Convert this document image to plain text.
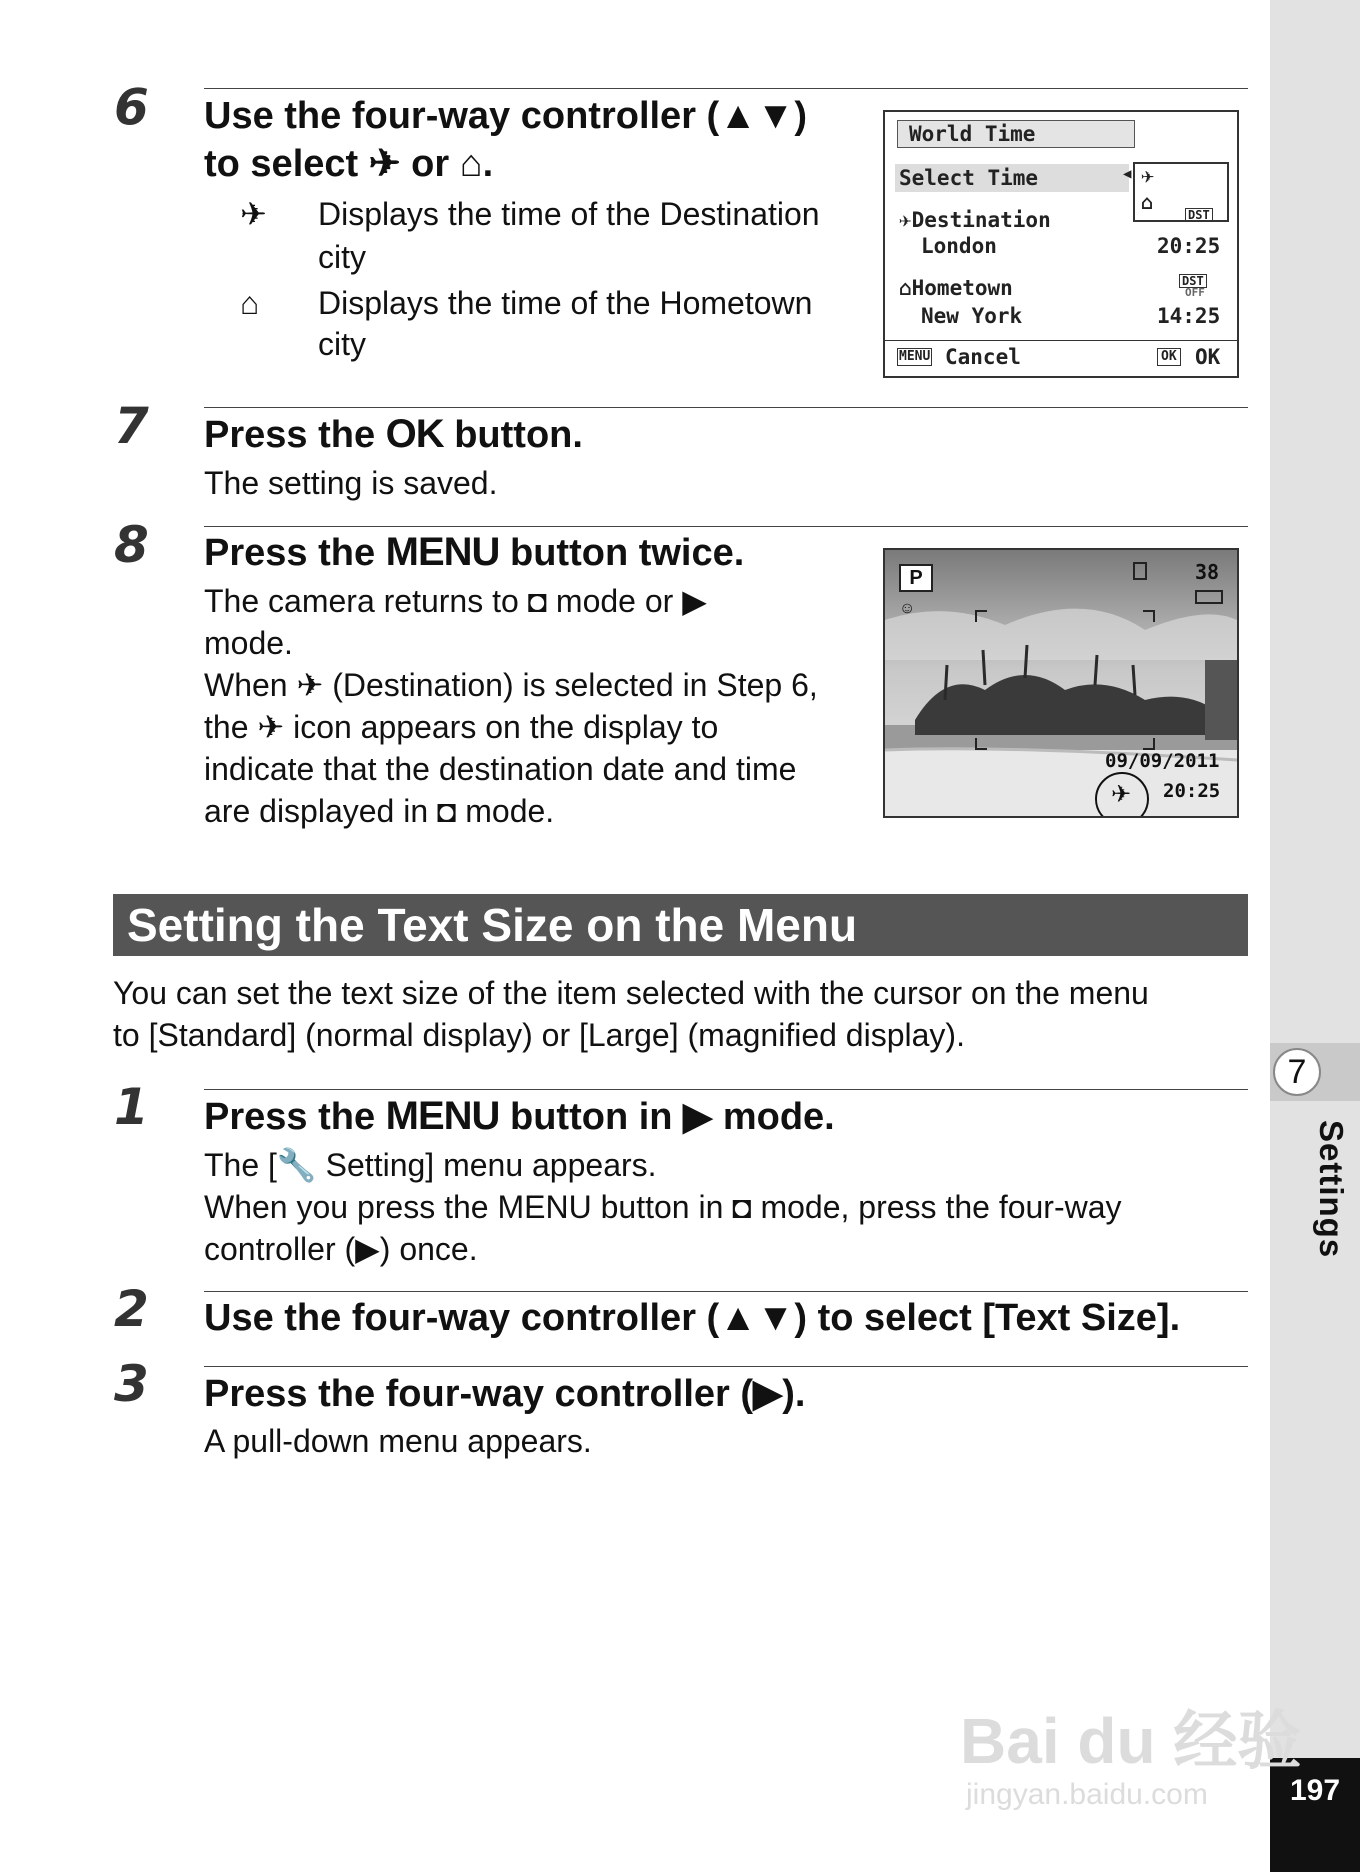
7
Settings
197
6 Use the four-way controller (▲▼)
to select ✈ or ⌂.
✈ Displays the time of the Destination
city
⌂ Displays the time of the Hometown
city
World Time
Select Time	◀ ✈
⌂
DST
✈Destination
London	20:25
⌂Hometown	DST
OFF
New York	14:25
MENU Cancel	OK OK
7 Press the OK button.
The setting is saved.
8 Press the MENU button twice.
The camera returns to ◘ mode or ▶
mode.
When ✈ (Destination) is selected in Step 6,
the ✈ icon appears on the display to
indicate that the destination date and time
are displayed in ◘ mode.
P
☺
38
09/09/2011
✈ 20:25
Setting the Text Size on the Menu
You can set the text size of the item selected with the cursor on the menu
to [Standard] (normal display) or [Large] (magnified display).
1 Press the MENU button in ▶ mode.
The [🔧 Setting] menu appears.
When you press the MENU button in ◘ mode, press the four-way
controller (▶) once.
2 Use the four-way controller (▲▼) to select [Text Size].
3 Press the four-way controller (▶).
A pull-down menu appears.
Bai du 经验
jingyan.baidu.com
